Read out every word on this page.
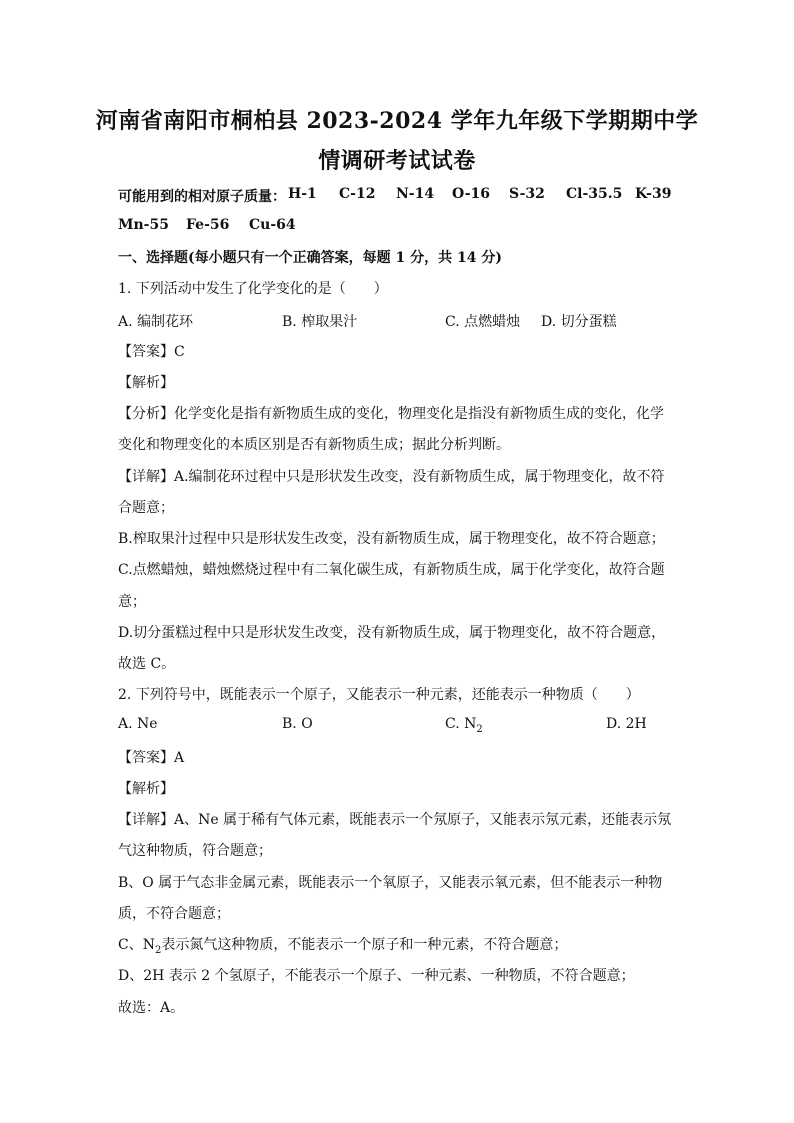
河南省南阳市桐柏县 2023-2024 学年九年级下学期期中学
情调研考试试卷
可能用到的相对原子质量： H-1 C-12 N-14 O-16 S-32 Cl-35.5 K-39
Mn-55 Fe-56 Cu-64
一、选择题(每小题只有一个正确答案，每题 1 分，共 14 分)
1. 下列活动中发生了化学变化的是（　　）
A. 编制花环	B. 榨取果汁	C. 点燃蜡烛 D. 切分蛋糕
【答案】C
【解析】
【分析】化学变化是指有新物质生成的变化，物理变化是指没有新物质生成的变化，化学
变化和物理变化的本质区别是否有新物质生成；据此分析判断。
【详解】A.编制花环过程中只是形状发生改变，没有新物质生成，属于物理变化，故不符
合题意；
B.榨取果汁过程中只是形状发生改变，没有新物质生成，属于物理变化，故不符合题意；
C.点燃蜡烛，蜡烛燃烧过程中有二氧化碳生成，有新物质生成，属于化学变化，故符合题
意；
D.切分蛋糕过程中只是形状发生改变，没有新物质生成，属于物理变化，故不符合题意，
故选 C。
2. 下列符号中，既能表示一个原子，又能表示一种元素，还能表示一种物质（　　）
A. Ne	B. O	C. $N_2$	D. 2H
【答案】A
【解析】
【详解】A、Ne 属于稀有气体元素，既能表示一个氖原子，又能表示氖元素，还能表示氖
气这种物质，符合题意；
B、O 属于气态非金属元素，既能表示一个氧原子，又能表示氧元素，但不能表示一种物
质，不符合题意；
C、$N_2$表示氮气这种物质，不能表示一个原子和一种元素，不符合题意；
D、2H 表示 2 个氢原子，不能表示一个原子、一种元素、一种物质，不符合题意；
故选：A。
